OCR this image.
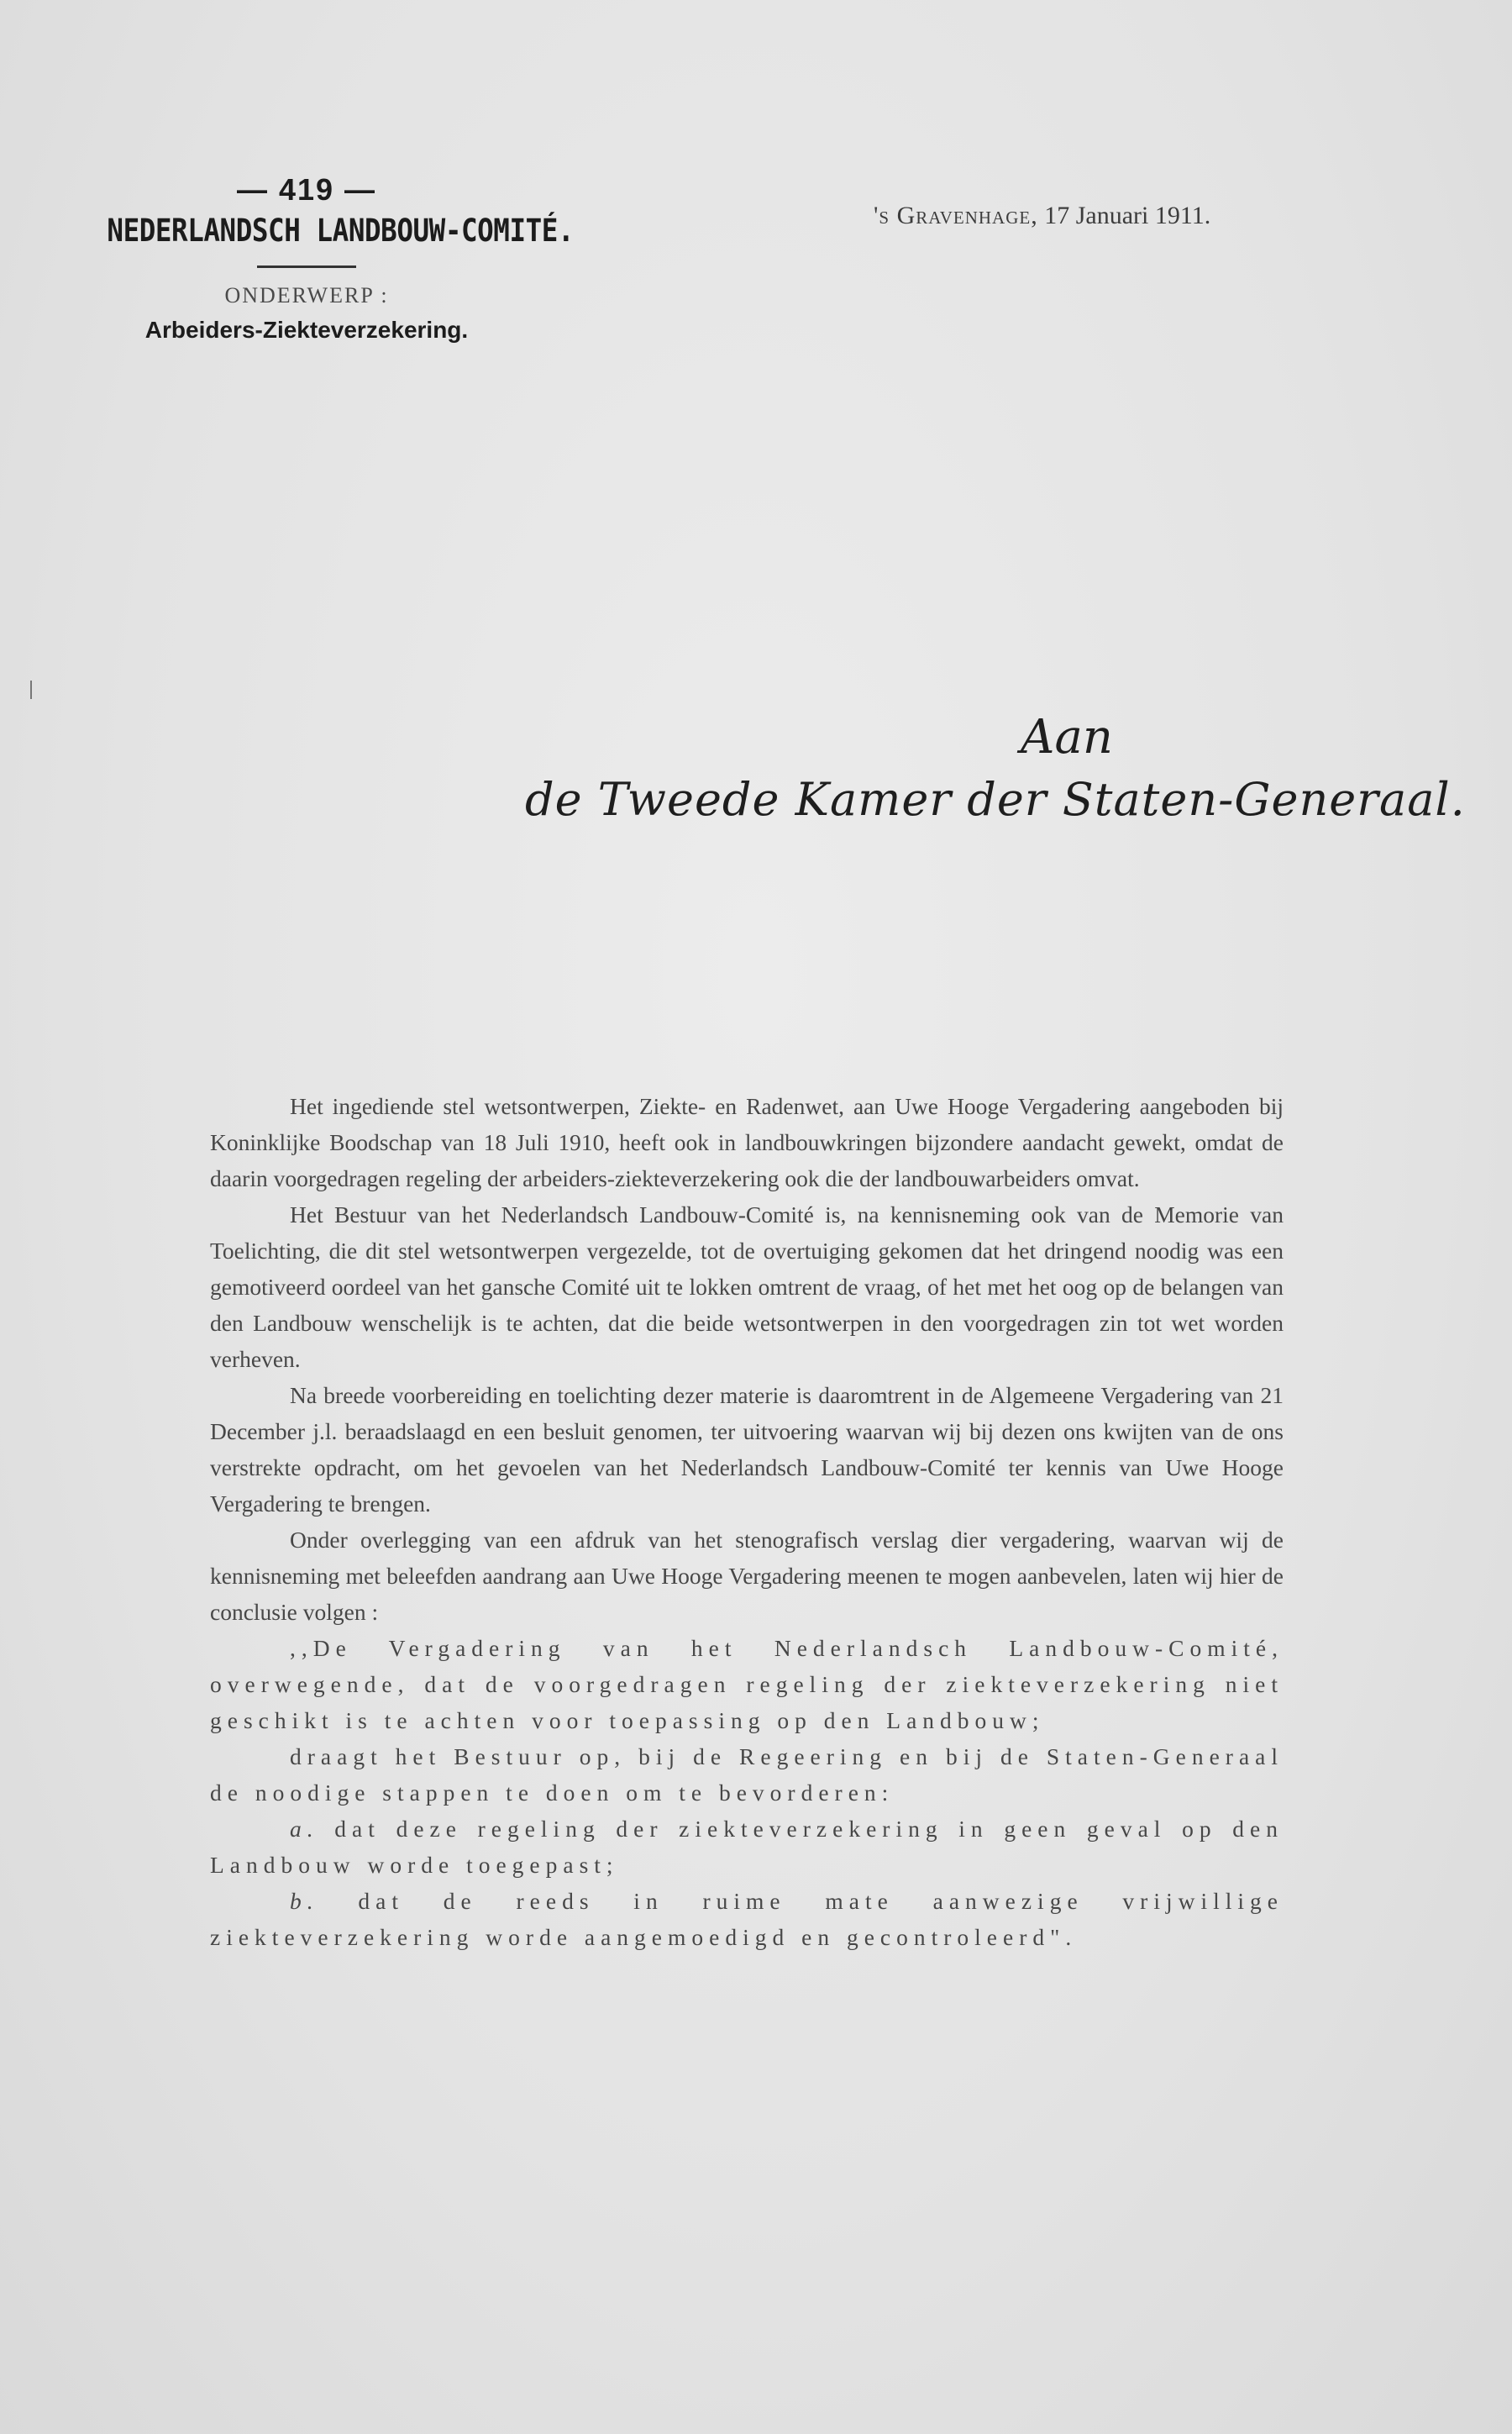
— 419 —
NEDERLANDSCH LANDBOUW-COMITÉ.
ONDERWERP :
Arbeiders-Ziekteverzekering.
's Gravenhage, 17 Januari 1911.
Aan
de Tweede Kamer der Staten-Generaal.

Het ingediende stel wetsontwerpen, Ziekte- en Radenwet, aan Uwe Hooge Vergadering aangeboden bij Koninklijke Boodschap van 18 Juli 1910, heeft ook in landbouwkringen bijzondere aandacht gewekt, omdat de daarin voorgedragen regeling der arbeiders-ziekteverzekering ook die der landbouwarbeiders omvat.

Het Bestuur van het Nederlandsch Landbouw-Comité is, na kennisneming ook van de Memorie van Toelichting, die dit stel wetsontwerpen vergezelde, tot de overtuiging gekomen dat het dringend noodig was een gemotiveerd oordeel van het gansche Comité uit te lokken omtrent de vraag, of het met het oog op de belangen van den Landbouw wenschelijk is te achten, dat die beide wetsontwerpen in den voorgedragen zin tot wet worden verheven.

Na breede voorbereiding en toelichting dezer materie is daaromtrent in de Algemeene Vergadering van 21 December j.l. beraadslaagd en een besluit genomen, ter uitvoering waarvan wij bij dezen ons kwijten van de ons verstrekte opdracht, om het gevoelen van het Nederlandsch Landbouw-Comité ter kennis van Uwe Hooge Vergadering te brengen.

Onder overlegging van een afdruk van het stenografisch verslag dier vergadering, waarvan wij de kennisneming met beleefden aandrang aan Uwe Hooge Vergadering meenen te mogen aanbevelen, laten wij hier de conclusie volgen :

,,De Vergadering van het Nederlandsch Landbouw-Comité, overwegende, dat de voorgedragen regeling der ziekteverzekering niet geschikt is te achten voor toepassing op den Landbouw;

draagt het Bestuur op, bij de Regeering en bij de Staten-Generaal de noodige stappen te doen om te bevorderen:

a. dat deze regeling der ziekteverzekering in geen geval op den Landbouw worde toegepast;

b. dat de reeds in ruime mate aanwezige vrijwillige ziekteverzekering worde aangemoedigd en gecontroleerd".
